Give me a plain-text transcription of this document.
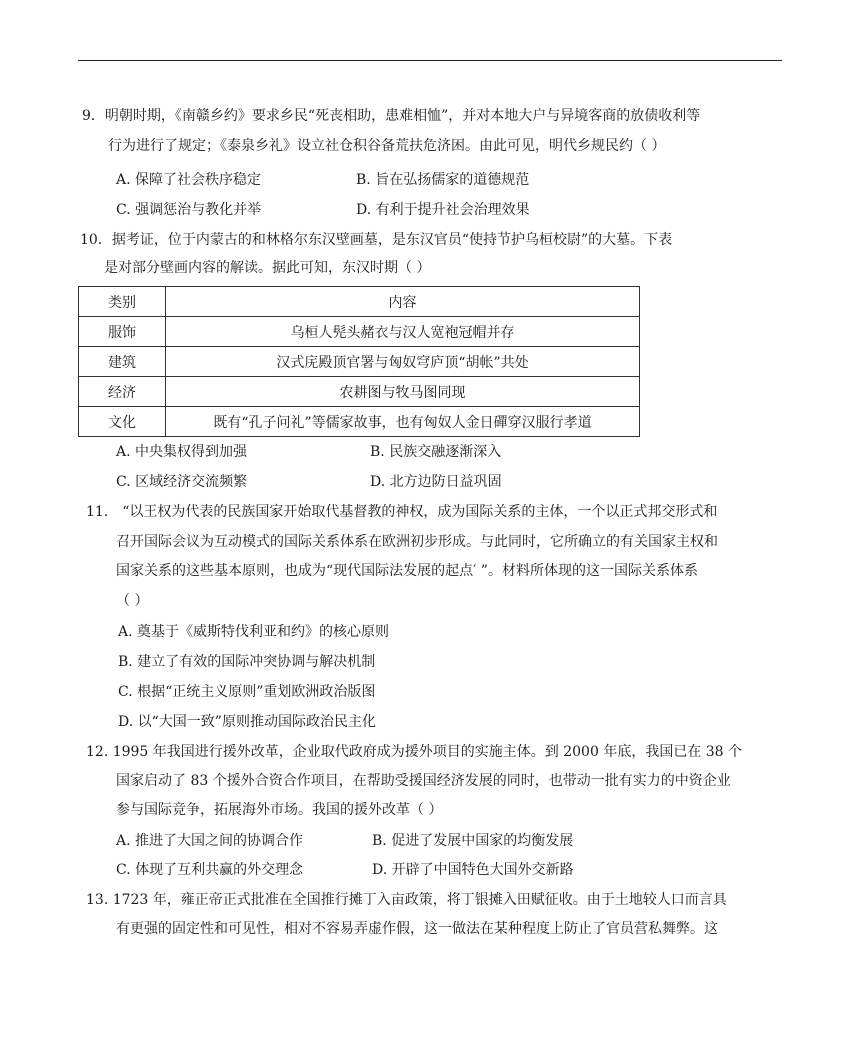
9．明朝时期，《南赣乡约》要求乡民“死丧相助，患难相恤”，并对本地大户与异境客商的放债收利等
行为进行了规定；《泰泉乡礼》设立社仓积谷备荒扶危济困。由此可见，明代乡规民约（ ）
A. 保障了社会秩序稳定	B. 旨在弘扬儒家的道德规范
C. 强调惩治与教化并举	D. 有利于提升社会治理效果
10．据考证，位于内蒙古的和林格尔东汉壁画墓，是东汉官员“使持节护乌桓校尉”的大墓。下表
是对部分壁画内容的解读。据此可知，东汉时期（ ）
类别	内容
服饰	乌桓人髡头赭衣与汉人宽袍冠帽并存
建筑	汉式庑殿顶官署与匈奴穹庐顶“胡帐”共处
经济	农耕图与牧马图同现
文化	既有“孔子问礼”等儒家故事，也有匈奴人金日磾穿汉服行孝道
A. 中央集权得到加强	B. 民族交融逐渐深入
C. 区域经济交流频繁	D. 北方边防日益巩固
11． “以王权为代表的民族国家开始取代基督教的神权，成为国际关系的主体，一个以正式邦交形式和
召开国际会议为互动模式的国际关系体系在欧洲初步形成。与此同时，它所确立的有关国家主权和
国家关系的这些基本原则，也成为“现代国际法发展的起点′ ”。材料所体现的这一国际关系体系
（ ）
A. 奠基于《威斯特伐利亚和约》的核心原则
B. 建立了有效的国际冲突协调与解决机制
C. 根据“正统主义原则”重划欧洲政治版图
D. 以“大国一致”原则推动国际政治民主化
12. 1995 年我国进行援外改革，企业取代政府成为援外项目的实施主体。到 2000 年底，我国已在 38 个
国家启动了 83 个援外合资合作项目，在帮助受援国经济发展的同时，也带动一批有实力的中资企业
参与国际竞争，拓展海外市场。我国的援外改革（ ）
A. 推进了大国之间的协调合作	B. 促进了发展中国家的均衡发展
C. 体现了互利共赢的外交理念	D. 开辟了中国特色大国外交新路
13. 1723 年，雍正帝正式批准在全国推行摊丁入亩政策，将丁银摊入田赋征收。由于土地较人口而言具
有更强的固定性和可见性，相对不容易弄虚作假，这一做法在某种程度上防止了官员营私舞弊。这
